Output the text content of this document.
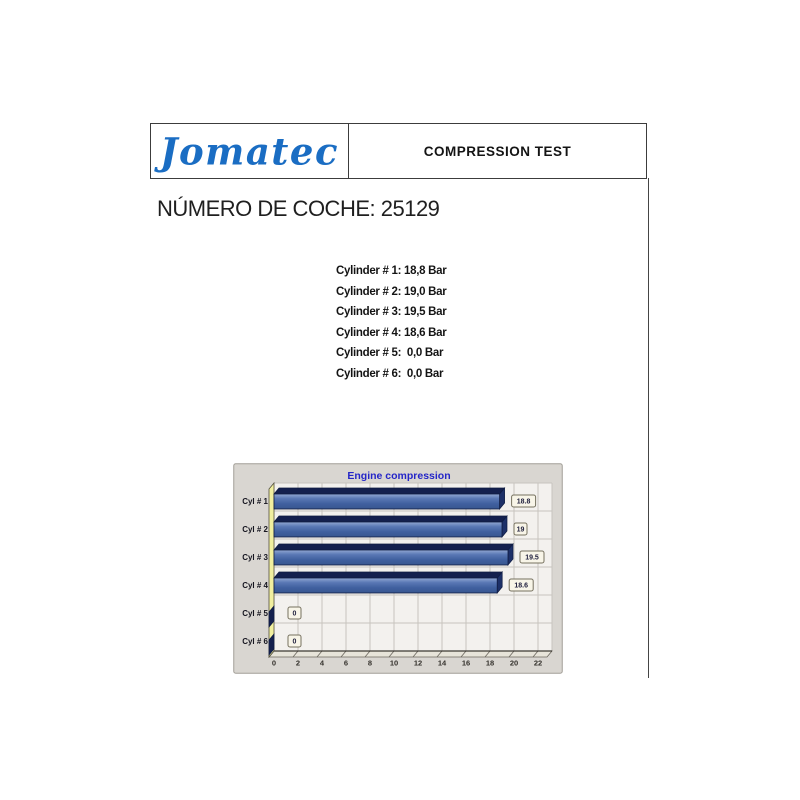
Jomatec	COMPRESSION TEST
NÚMERO DE COCHE: 25129
Cylinder # 1: 18,8 Bar
Cylinder # 2: 19,0 Bar
Cylinder # 3: 19,5 Bar
Cylinder # 4: 18,6 Bar
Cylinder # 5:  0,0 Bar
Cylinder # 6:  0,0 Bar
Engine compression
18.8
Cyl # 1
19
Cyl # 2
19.5
Cyl # 3
18.6
Cyl # 4
0
Cyl # 5
0
Cyl # 6
0	2	4	6	8 10 12 14 16 18 20 22
